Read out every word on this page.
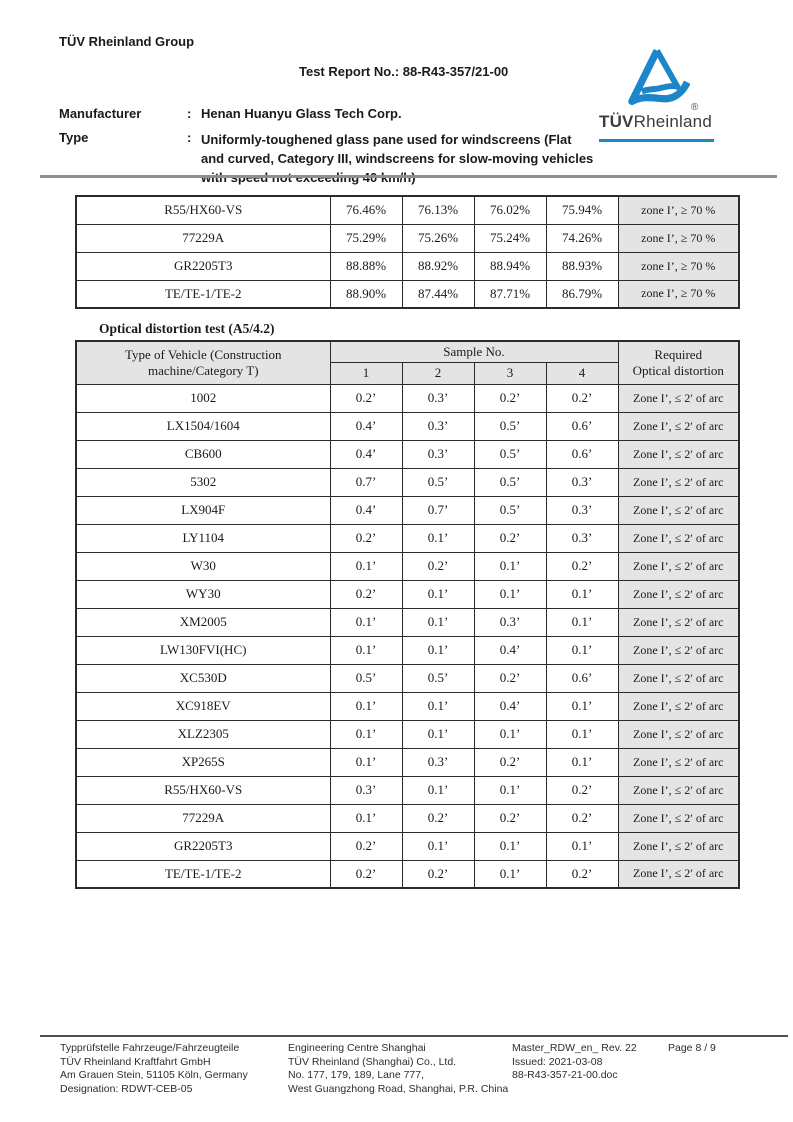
TÜV Rheinland Group
Test Report No.: 88-R43-357/21-00
®
TÜVRheinland
Manufacturer	: Henan Huanyu Glass Tech Corp.
Type	: Uniformly-toughened glass pane used for windscreens (Flat
and curved, Category III, windscreens for slow-moving vehicles
R55/HX60-VS	76.46%	76.13%	76.02%	75.94%	zone I’, ≥ 70 %
77229A	75.29%	75.26%	75.24%	74.26%	zone I’, ≥ 70 %
GR2205T3	88.88%	88.92%	88.94%	88.93%	zone I’, ≥ 70 %
TE/TE-1/TE-2	88.90%	87.44%	87.71%	86.79%	zone I’, ≥ 70 %
Optical distortion test (A5/4.2)
Type of Vehicle (Construction
machine/Category T)	Sample No.				Required
Optical distortion

	1	2	3	4	
1002	0.2’	0.3’	0.2’	0.2’	Zone I’, ≤ 2′ of arc
LX1504/1604	0.4’	0.3’	0.5’	0.6’	Zone I’, ≤ 2′ of arc
CB600	0.4’	0.3’	0.5’	0.6’	Zone I’, ≤ 2′ of arc
5302	0.7’	0.5’	0.5’	0.3’	Zone I’, ≤ 2′ of arc
LX904F	0.4’	0.7’	0.5’	0.3’	Zone I’, ≤ 2′ of arc
LY1104	0.2’	0.1’	0.2’	0.3’	Zone I’, ≤ 2′ of arc
W30	0.1’	0.2’	0.1’	0.2’	Zone I’, ≤ 2′ of arc
WY30	0.2’	0.1’	0.1’	0.1’	Zone I’, ≤ 2′ of arc
XM2005	0.1’	0.1’	0.3’	0.1’	Zone I’, ≤ 2′ of arc
LW130FVI(HC)	0.1’	0.1’	0.4’	0.1’	Zone I’, ≤ 2′ of arc
XC530D	0.5’	0.5’	0.2’	0.6’	Zone I’, ≤ 2′ of arc
XC918EV	0.1’	0.1’	0.4’	0.1’	Zone I’, ≤ 2′ of arc
XLZ2305	0.1’	0.1’	0.1’	0.1’	Zone I’, ≤ 2′ of arc
XP265S	0.1’	0.3’	0.2’	0.1’	Zone I’, ≤ 2′ of arc
R55/HX60-VS	0.3’	0.1’	0.1’	0.2’	Zone I’, ≤ 2′ of arc
77229A	0.1’	0.2’	0.2’	0.2’	Zone I’, ≤ 2′ of arc
GR2205T3	0.2’	0.1’	0.1’	0.1’	Zone I’, ≤ 2′ of arc
TE/TE-1/TE-2	0.2’	0.2’	0.1’	0.2’	Zone I’, ≤ 2′ of arc
Typprüfstelle Fahrzeuge/Fahrzeugteile
TÜV Rheinland Kraftfahrt GmbH
Am Grauen Stein, 51105 Köln, Germany
Designation: RDWT-CEB-05
Engineering Centre Shanghai
TÜV Rheinland (Shanghai) Co., Ltd.
No. 177, 179, 189, Lane 777,
West Guangzhong Road, Shanghai, P.R. China
Master_RDW_en_ Rev. 22
Issued: 2021-03-08
88-R43-357-21-00.doc
Page 8 / 9
